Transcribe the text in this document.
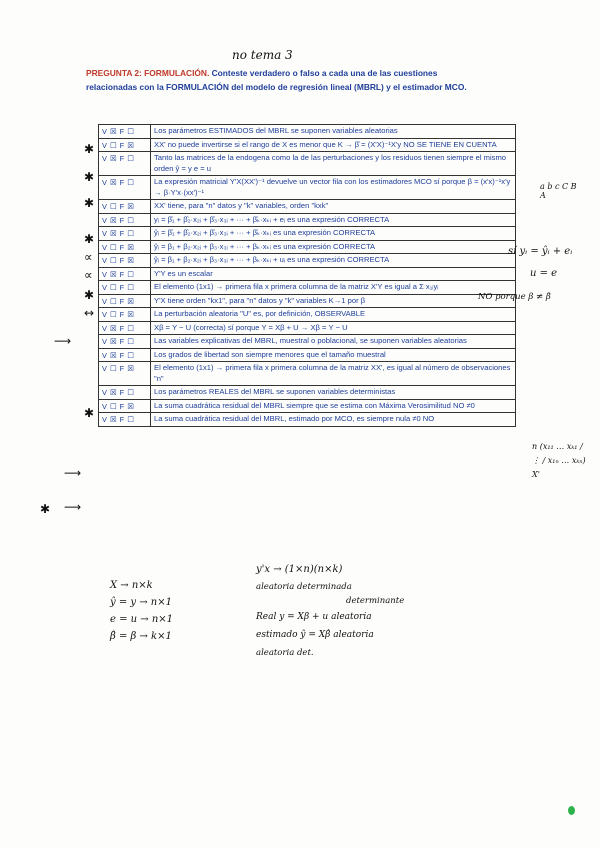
no tema 3
PREGUNTA 2: FORMULACIÓN. Conteste verdadero o falso a cada una de las cuestiones
relacionadas con la FORMULACIÓN del modelo de regresión lineal (MBRL) y el estimador MCO.
V ☒ F ☐	Los parámetros ESTIMADOS del MBRL se suponen variables aleatorias
V ☐ F ☒	XX' no puede invertirse si el rango de X es menor que K → β̂ = (X'X)⁻¹X'y NO SE TIENE EN CUENTA
V ☒ F ☐	Tanto las matrices de la endogena como la de las perturbaciones y los residuos tienen siempre el mismo orden ŷ = y e = u
V ☒ F ☐	La expresión matricial Y'X(XX')⁻¹ devuelve un vector fila con los estimadores MCO sí porque β = (x'x)⁻¹x'y → β·Y'x·(xx')⁻¹
V ☐ F ☒	XX' tiene, para "n" datos y "k" variables, orden "kxk"
V ☒ F ☐	yᵢ = β̂₁ + β̂₂·x₂ᵢ + β̂₃·x₃ᵢ + ··· + β̂ₖ·xₖᵢ + eᵢ es una expresión CORRECTA
V ☒ F ☐	ŷᵢ = β̂₁ + β̂₂·x₂ᵢ + β̂₃·x₃ᵢ + ··· + β̂ₖ·xₖᵢ es una expresión CORRECTA
V ☐ F ☒	ŷᵢ = β₁ + β₂·x₂ᵢ + β₃·x₃ᵢ + ··· + βₖ·xₖᵢ es una expresión CORRECTA
V ☐ F ☒	ŷᵢ = β₁ + β₂·x₂ᵢ + β₃·x₃ᵢ + ··· + βₖ·xₖᵢ + uᵢ es una expresión CORRECTA
V ☒ F ☐	Y'Y es un escalar
V ☐ F ☐	El elemento (1x1) → primera fila x primera columna de la matriz X'Y es igual a Σ x₁ᵢyᵢ
V ☐ F ☒	Y'X tiene orden "kx1", para "n" datos y "k" variables K→1 por β
V ☐ F ☒	La perturbación aleatoria "U" es, por definición, OBSERVABLE
V ☒ F ☐	Xβ = Y − U (correcta) sí porque Y = Xβ + U → Xβ = Y − U
V ☒ F ☐	Las variables explicativas del MBRL, muestral o poblacional, se suponen variables aleatorias
V ☒ F ☐	Los grados de libertad son siempre menores que el tamaño muestral
V ☐ F ☒	El elemento (1x1) → primera fila x primera columna de la matriz XX', es igual al número de observaciones "n"
V ☒ F ☐	Los parámetros REALES del MBRL se suponen variables deterministas
V ☐ F ☒	La suma cuadrática residual del MBRL siempre que se estima con Máxima Verosimilitud NO ≠0
V ☒ F ☐	La suma cuadrática residual del MBRL, estimado por MCO, es siempre nula ≠0 NO
✱
✱
✱
✱
∝
∝
✱
↔
⟶
✱
⟶
✱ ⟶
a b c C B A
sí yᵢ = ŷᵢ + eᵢ
u = e
NO porque β ≠ β̂
n (x₁₁ … xₖ₁ / ⋮ / x₁ₙ … xₖₙ) X'
y'x → (1×n)(n×k)
X → n×k
ŷ = y → n×1
e = u → n×1
β̂ = β → k×1
aleatoria determinada
determinante
Real y = Xβ + u aleatoria
estimado ŷ = Xβ̂ aleatoria
aleatoria det.
